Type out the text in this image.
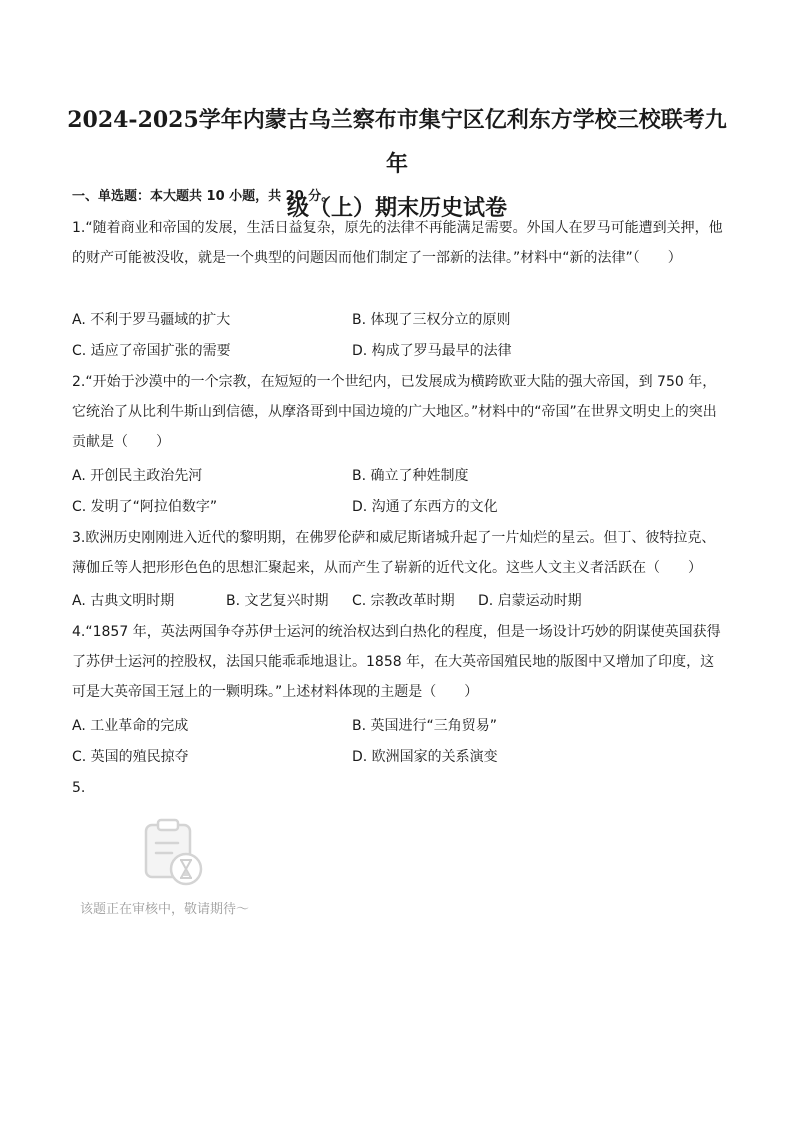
2024-2025学年内蒙古乌兰察布市集宁区亿利东方学校三校联考九年
级（上）期末历史试卷
一、单选题：本大题共 10 小题，共 20 分。
1.“随着商业和帝国的发展，生活日益复杂，原先的法律不再能满足需要。外国人在罗马可能遭到关押，他的财产可能被没收，就是一个典型的问题因而他们制定了一部新的法律。”材料中“新的法律”（　　）
A. 不利于罗马疆域的扩大	B. 体现了三权分立的原则
C. 适应了帝国扩张的需要	D. 构成了罗马最早的法律
2.“开始于沙漠中的一个宗教，在短短的一个世纪内，已发展成为横跨欧亚大陆的强大帝国，到 750 年，它统治了从比利牛斯山到信德，从摩洛哥到中国边境的广大地区。”材料中的“帝国”在世界文明史上的突出贡献是（　　）
A. 开创民主政治先河	B. 确立了种姓制度
C. 发明了“阿拉伯数字”	D. 沟通了东西方的文化
3.欧洲历史刚刚进入近代的黎明期，在佛罗伦萨和威尼斯诸城升起了一片灿烂的星云。但丁、彼特拉克、薄伽丘等人把形形色色的思想汇聚起来，从而产生了崭新的近代文化。这些人文主义者活跃在（　　）
A. 古典文明时期	B. 文艺复兴时期 C. 宗教改革时期 D. 启蒙运动时期
4.“1857 年，英法两国争夺苏伊士运河的统治权达到白热化的程度，但是一场设计巧妙的阴谋使英国获得了苏伊士运河的控股权，法国只能乖乖地退让。1858 年，在大英帝国殖民地的版图中又增加了印度，这可是大英帝国王冠上的一颗明珠。”上述材料体现的主题是（　　）
A. 工业革命的完成	B. 英国进行“三角贸易”
C. 英国的殖民掠夺	D. 欧洲国家的关系演变
5.
该题正在审核中，敬请期待～
